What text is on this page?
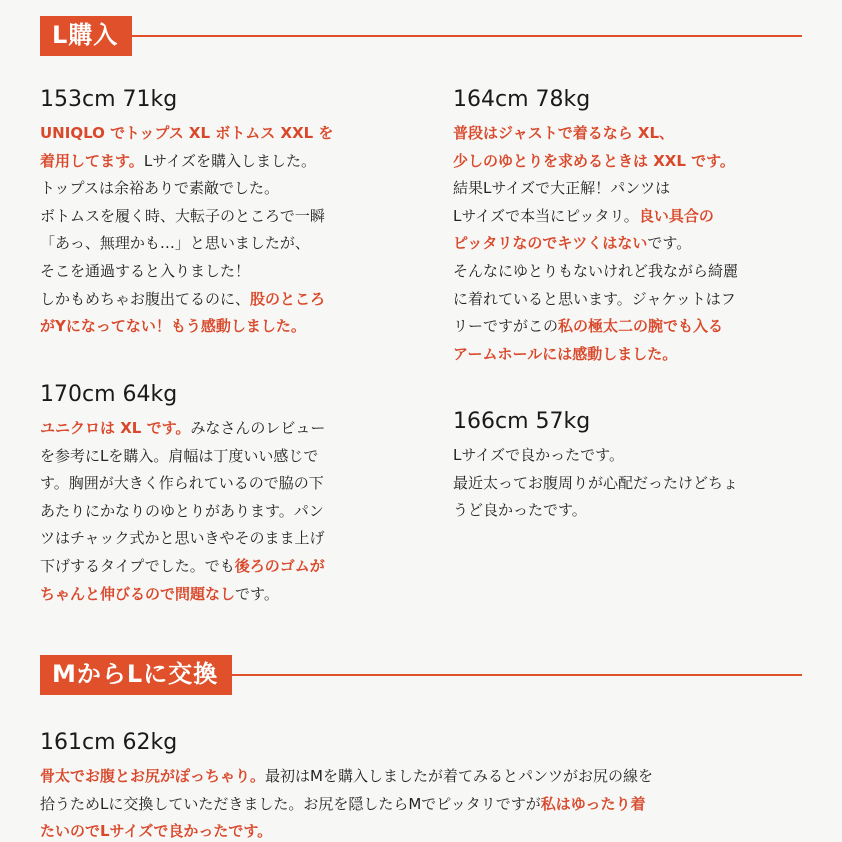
L購入
153cm 71kg

UNIQLO でトップス XL ボトムス XXL を
着用してます。Lサイズを購入しました。
トップスは余裕ありで素敵でした。
ボトムスを履く時、大転子のところで一瞬
「あっ、無理かも…」と思いましたが、
そこを通過すると入りました！
しかもめちゃお腹出てるのに、股のところ
がYになってない！もう感動しました。

164cm 78kg

普段はジャストで着るなら XL、
少しのゆとりを求めるときは XXL です。
結果Lサイズで大正解！パンツは
Lサイズで本当にピッタリ。良い具合の
ピッタリなのでキツくはないです。
そんなにゆとりもないけれど我ながら綺麗
に着れていると思います。ジャケットはフ
リーですがこの私の極太二の腕でも入る
アームホールには感動しました。

170cm 64kg

ユニクロは XL です。みなさんのレビュー
を参考にLを購入。肩幅は丁度いい感じで
す。胸囲が大きく作られているので脇の下
あたりにかなりのゆとりがあります。パン
ツはチャック式かと思いきやそのまま上げ
下げするタイプでした。でも後ろのゴムが
ちゃんと伸びるので問題なしです。

166cm 57kg

Lサイズで良かったです。
最近太ってお腹周りが心配だったけどちょ
うど良かったです。

MからLに交換
161cm 62kg

骨太でお腹とお尻がぽっちゃり。最初はMを購入しましたが着てみるとパンツがお尻の線を
拾うためLに交換していただきました。お尻を隠したらMでピッタリですが私はゆったり着
たいのでLサイズで良かったです。
